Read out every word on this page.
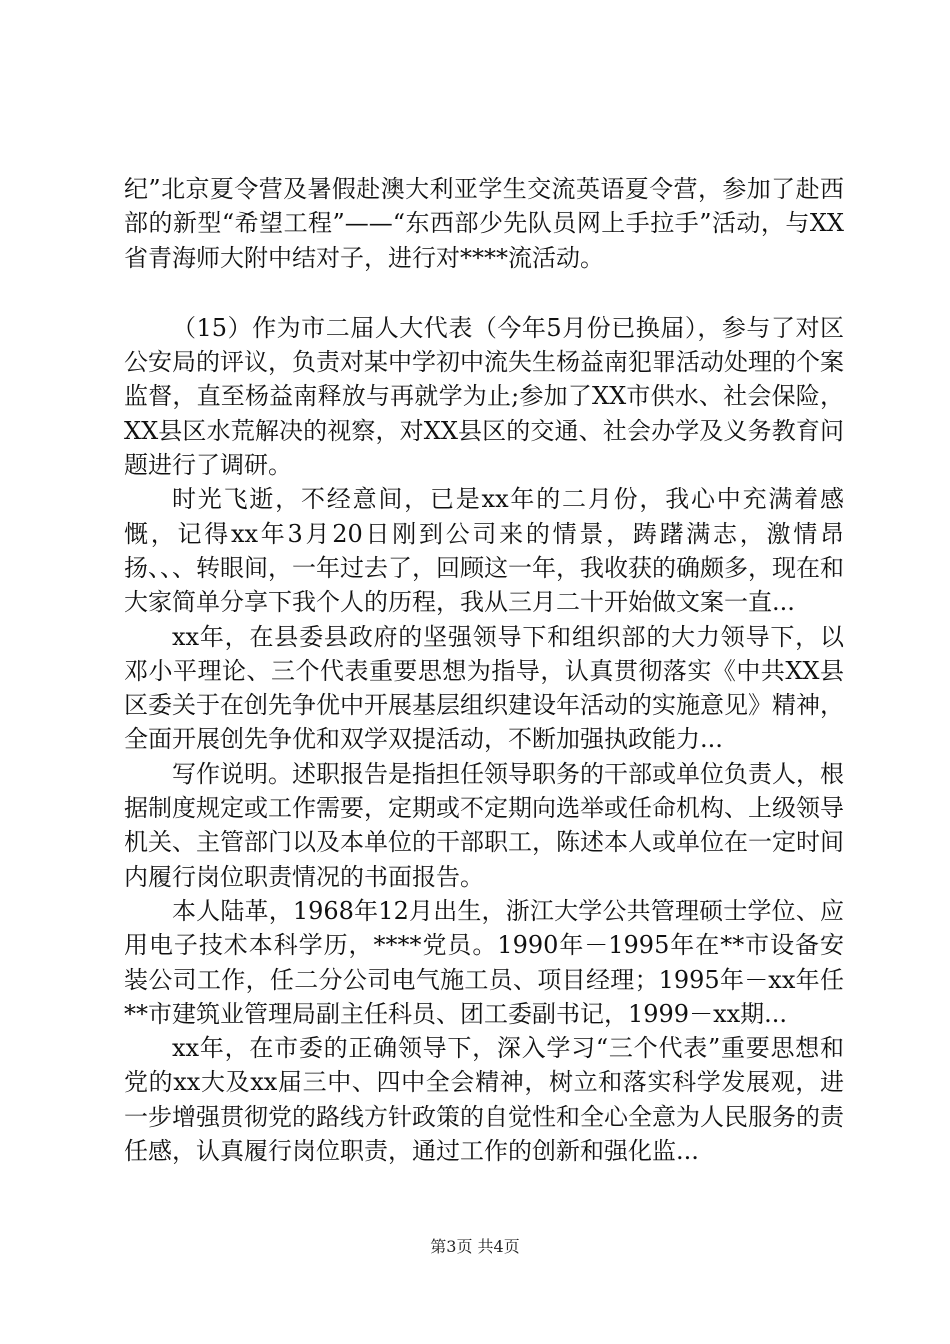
纪”北京夏令营及暑假赴澳大利亚学生交流英语夏令营，参加了赴西部的新型“希望工程”——“东西部少先队员网上手拉手”活动，与XX省青海师大附中结对子，进行对****流活动。

（15）作为市二届人大代表（今年5月份已换届），参与了对区公安局的评议，负责对某中学初中流失生杨益南犯罪活动处理的个案监督，直至杨益南释放与再就学为止;参加了XX市供水、社会保险，XX县区水荒解决的视察，对XX县区的交通、社会办学及义务教育问题进行了调研。

时光飞逝，不经意间，已是xx年的二月份，我心中充满着感慨，记得xx年3月20日刚到公司来的情景，踌躇满志，激情昂扬、、、转眼间，一年过去了，回顾这一年，我收获的确颇多，现在和大家简单分享下我个人的历程，我从三月二十开始做文案一直...

xx年，在县委县政府的坚强领导下和组织部的大力领导下，以邓小平理论、三个代表重要思想为指导，认真贯彻落实《中共XX县区委关于在创先争优中开展基层组织建设年活动的实施意见》精神，全面开展创先争优和双学双提活动，不断加强执政能力...

写作说明。述职报告是指担任领导职务的干部或单位负责人，根据制度规定或工作需要，定期或不定期向选举或任命机构、上级领导机关、主管部门以及本单位的干部职工，陈述本人或单位在一定时间内履行岗位职责情况的书面报告。

本人陆革，1968年12月出生，浙江大学公共管理硕士学位、应用电子技术本科学历，****党员。1990年－1995年在**市设备安装公司工作，任二分公司电气施工员、项目经理；1995年－xx年任**市建筑业管理局副主任科员、团工委副书记，1999－xx期...

xx年，在市委的正确领导下，深入学习“三个代表”重要思想和党的xx大及xx届三中、四中全会精神，树立和落实科学发展观，进一步增强贯彻党的路线方针政策的自觉性和全心全意为人民服务的责任感，认真履行岗位职责，通过工作的创新和强化监...

第3页 共4页
